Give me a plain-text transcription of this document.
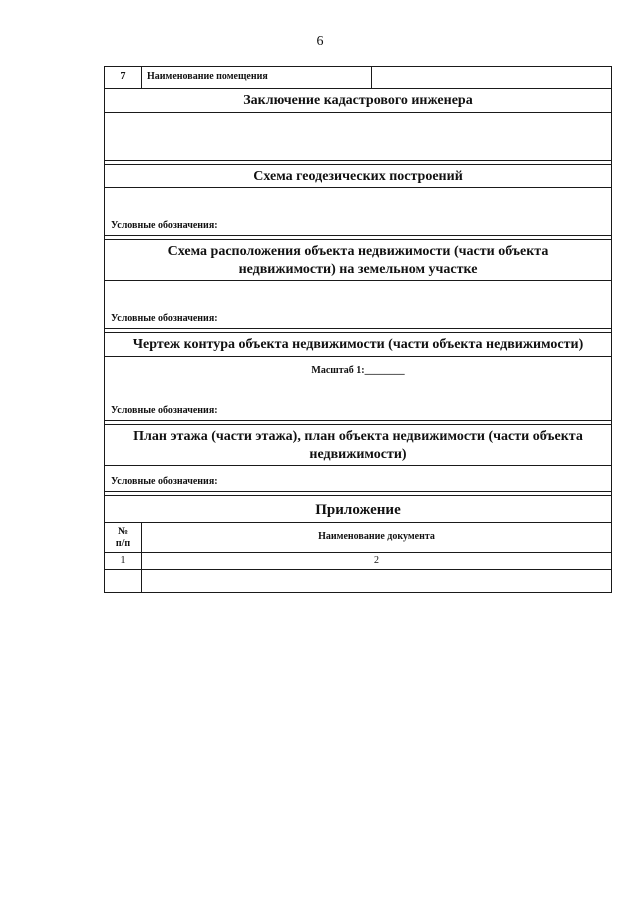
6
7	Наименование помещения
Заключение кадастрового инженера
Схема геодезических построений
Условные обозначения:
Схема расположения объекта недвижимости (части объекта
недвижимости) на земельном участке
Условные обозначения:
Чертеж контура объекта недвижимости (части объекта недвижимости)
Масштаб 1:________
Условные обозначения:
План этажа (части этажа), план объекта недвижимости (части объекта
недвижимости)
Условные обозначения:
Приложение
№
п/п
Наименование документа
1	2
